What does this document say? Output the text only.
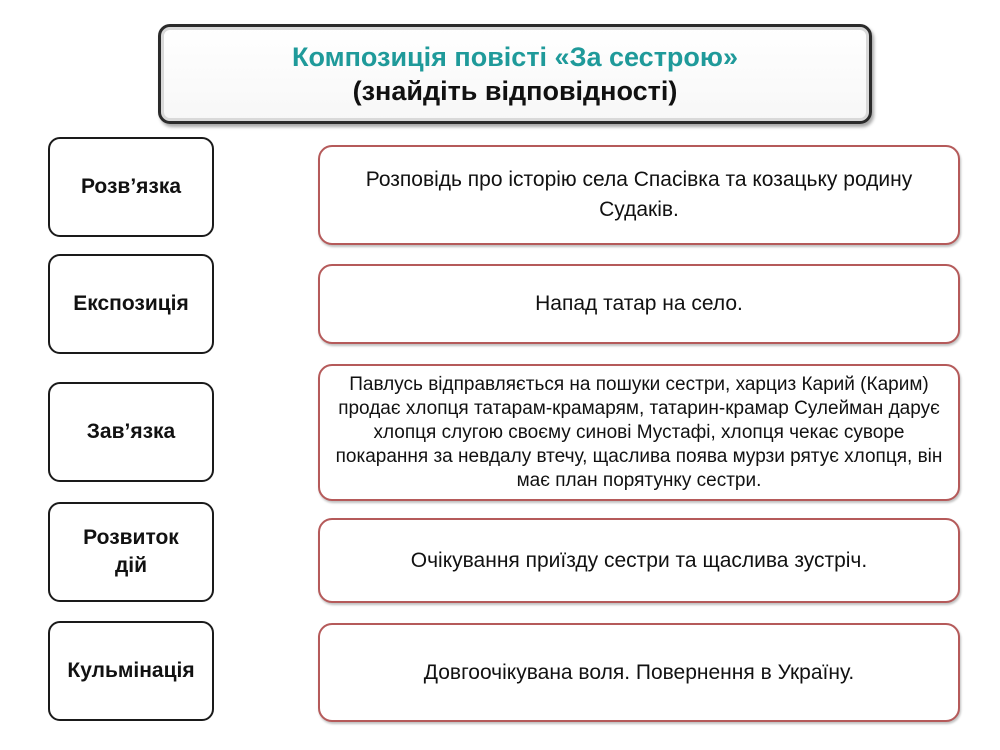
Композиція повісті «За сестрою»
(знайдіть відповідності)
Розв’язка
Експозиція
Зав’язка
Розвиток
дій
Кульмінація
Розповідь про історію села Спасівка та козацьку родину Судаків.
Напад татар на село.
Павлусь відправляється на пошуки сестри, харциз Карий (Карим) продає хлопця татарам-крамарям, татарин-крамар Сулейман дарує хлопця слугою своєму синові Мустафі, хлопця чекає суворе покарання за невдалу втечу, щаслива поява мурзи рятує хлопця, він має план порятунку сестри.
Очікування приїзду сестри та щаслива зустріч.
Довгоочікувана воля. Повернення в Україну.
